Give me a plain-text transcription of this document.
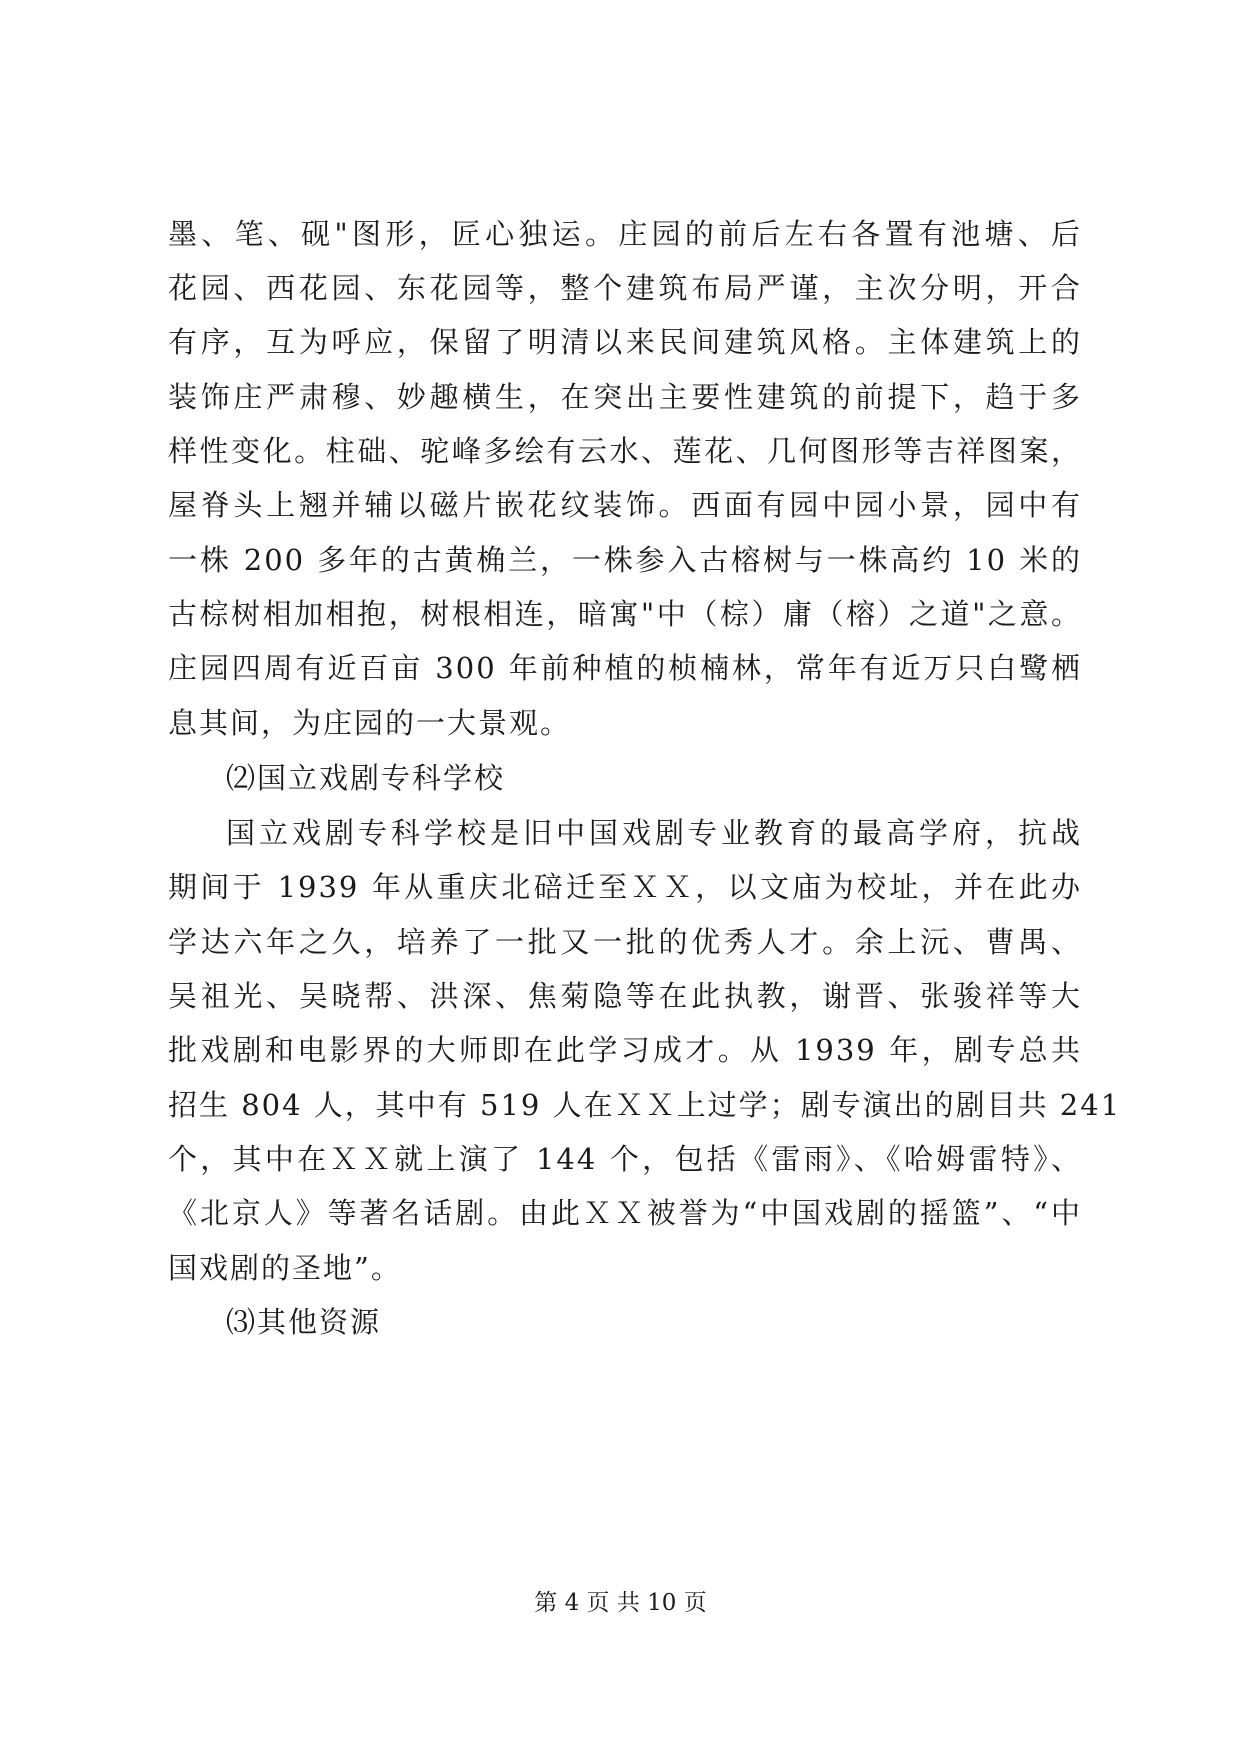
墨、笔、砚"图形，匠心独运。庄园的前后左右各置有池塘、后
花园、西花园、东花园等，整个建筑布局严谨，主次分明，开合
有序，互为呼应，保留了明清以来民间建筑风格。主体建筑上的
装饰庄严肃穆、妙趣横生，在突出主要性建筑的前提下，趋于多
样性变化。柱础、驼峰多绘有云水、莲花、几何图形等吉祥图案，
屋脊头上翘并辅以磁片嵌花纹装饰。西面有园中园小景，园中有
一株 200 多年的古黄桷兰，一株参入古榕树与一株高约 10 米的
古棕树相加相抱，树根相连，暗寓"中（棕）庸（榕）之道"之意。
庄园四周有近百亩 300 年前种植的桢楠林，常年有近万只白鹭栖
息其间，为庄园的一大景观。
⑵国立戏剧专科学校
国立戏剧专科学校是旧中国戏剧专业教育的最高学府，抗战
期间于 1939 年从重庆北碚迁至ＸＸ，以文庙为校址，并在此办
学达六年之久，培养了一批又一批的优秀人才。余上沅、曹禺、
吴祖光、吴晓帮、洪深、焦菊隐等在此执教，谢晋、张骏祥等大
批戏剧和电影界的大师即在此学习成才。从 1939 年，剧专总共
招生 804 人，其中有 519 人在ＸＸ上过学；剧专演出的剧目共 241
个，其中在ＸＸ就上演了 144 个，包括《雷雨》、《哈姆雷特》、
《北京人》等著名话剧。由此ＸＸ被誉为“中国戏剧的摇篮”、“中
国戏剧的圣地”。
⑶其他资源
第 4 页 共 10 页
